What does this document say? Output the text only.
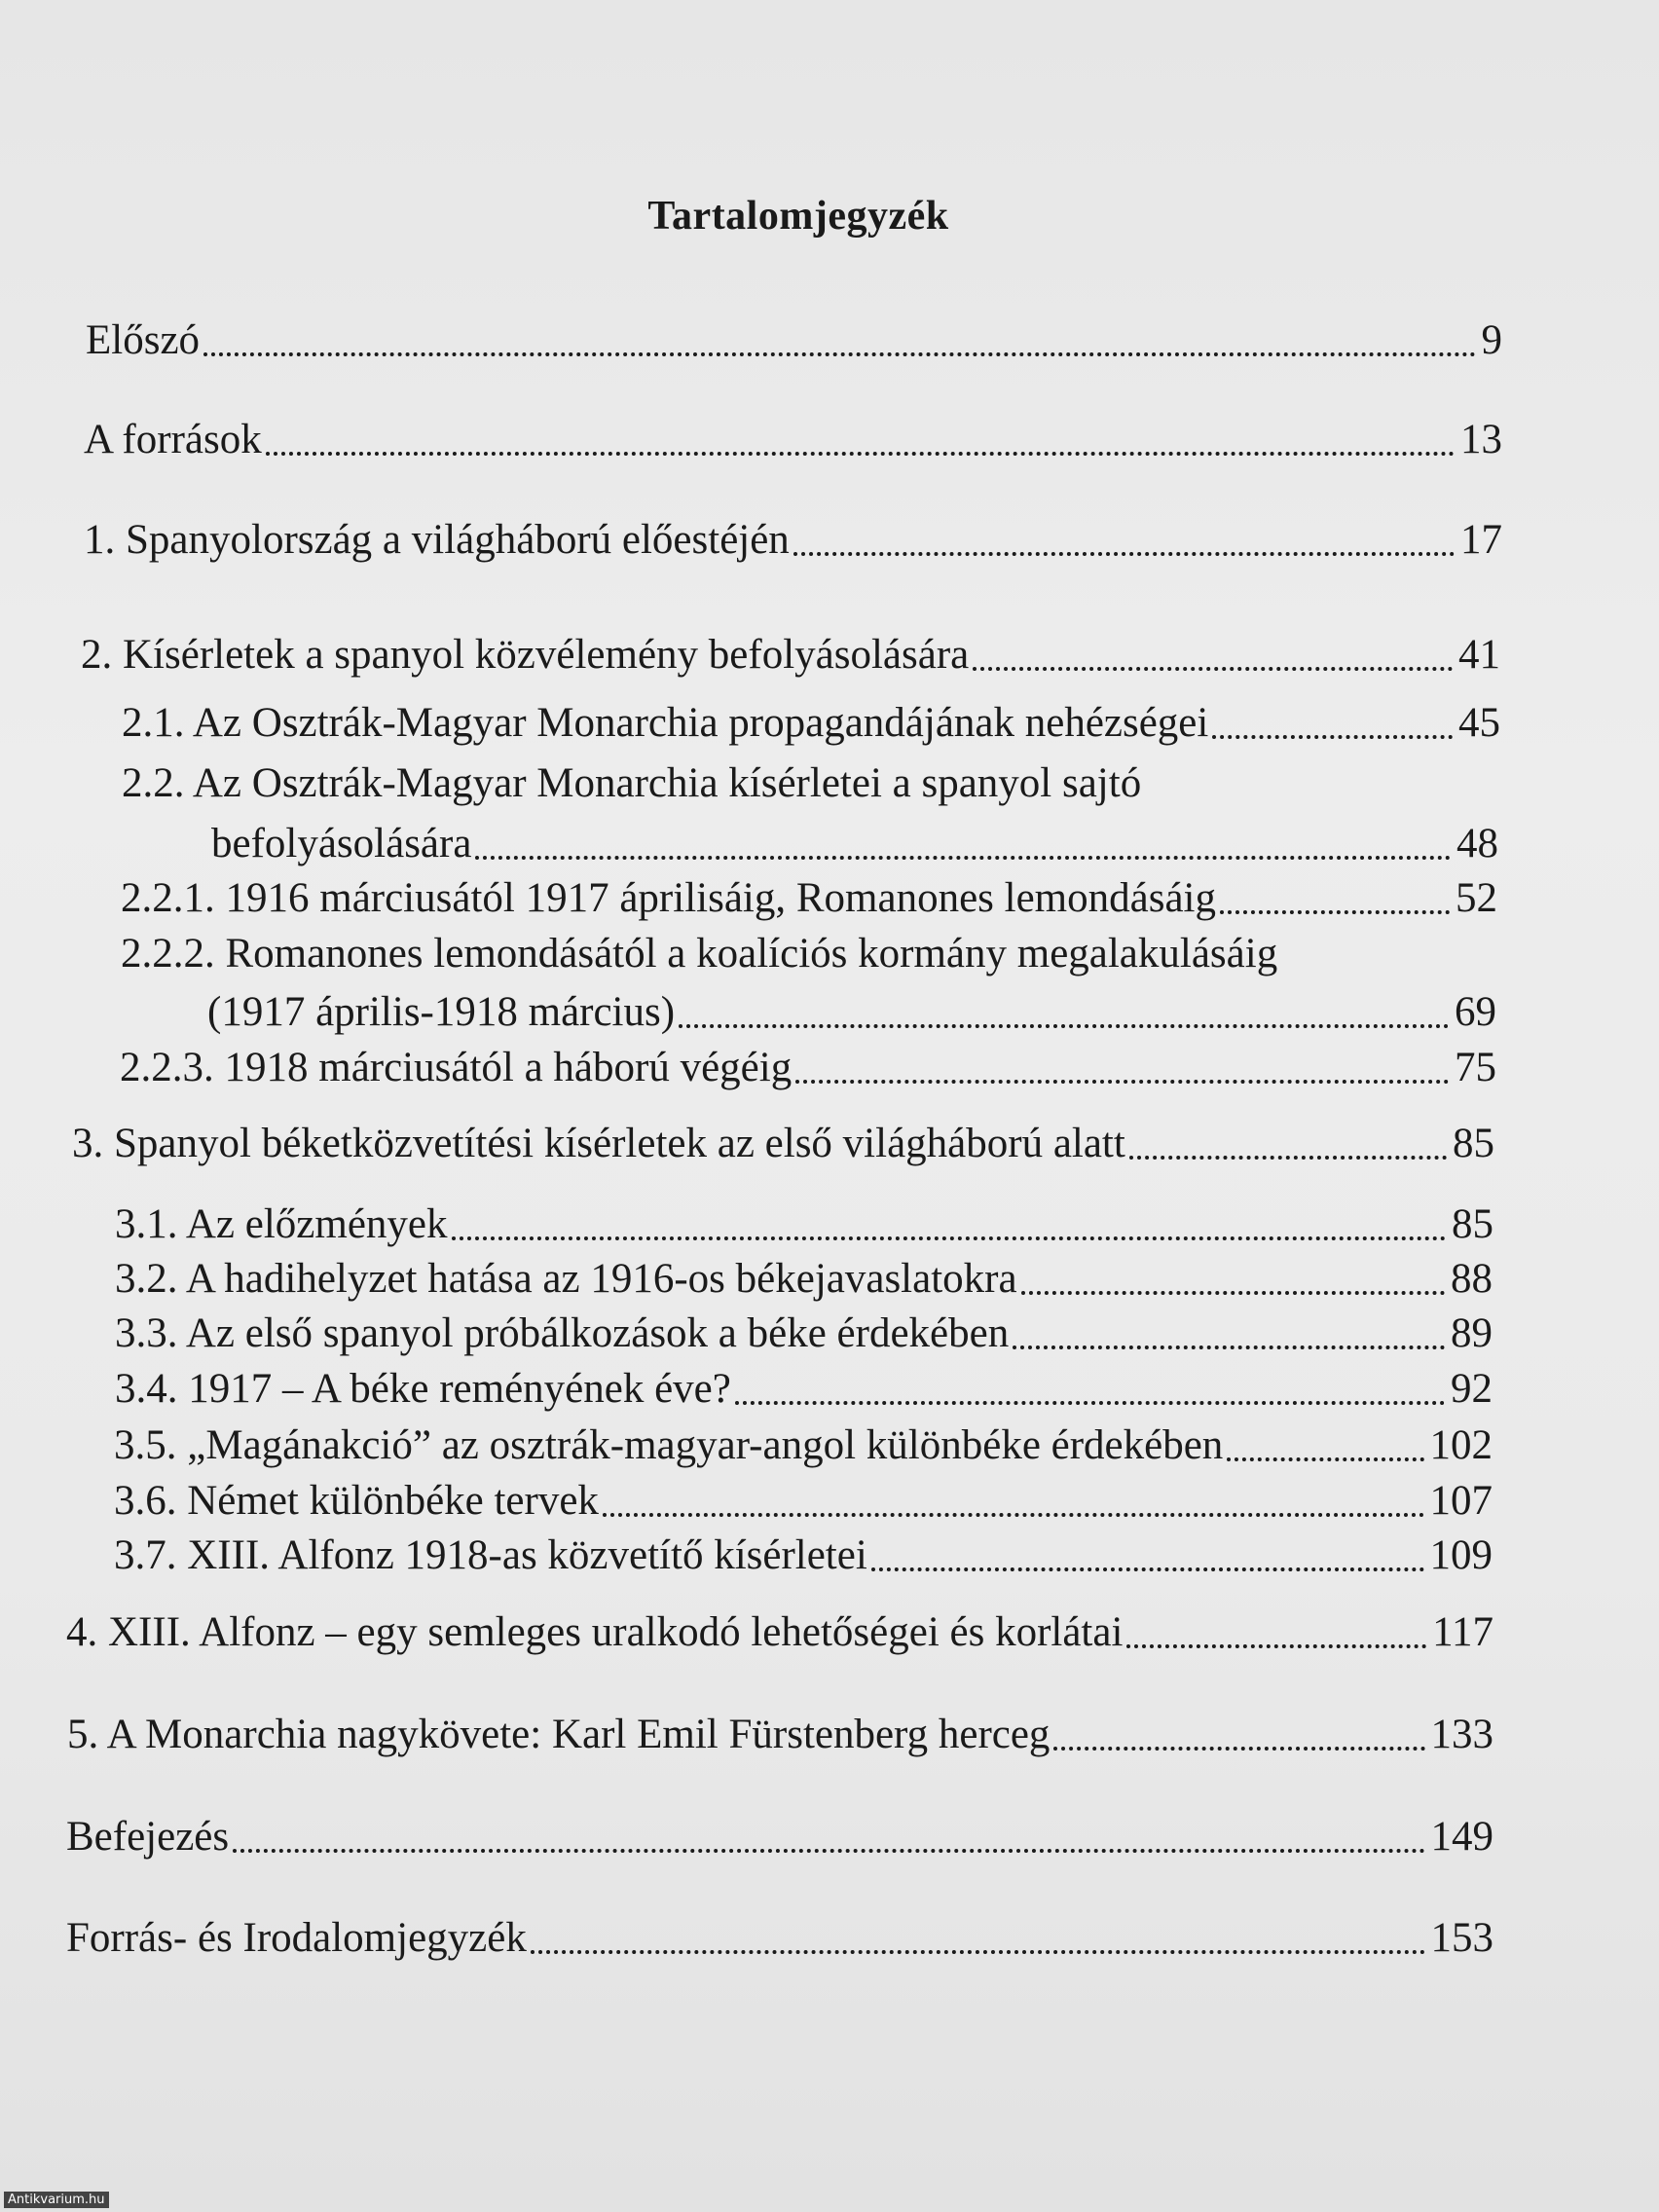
Tartalomjegyzék
Előszó	9
A források	13
1. Spanyolország a világháború előestéjén	17
2. Kísérletek a spanyol közvélemény befolyásolására	41
2.1. Az Osztrák-Magyar Monarchia propagandájának nehézségei	45
2.2. Az Osztrák-Magyar Monarchia kísérletei a spanyol sajtó
befolyásolására	48
2.2.1. 1916 márciusától 1917 áprilisáig, Romanones lemondásáig	52
2.2.2. Romanones lemondásától a koalíciós kormány megalakulásáig
(1917 április-1918 március)	69
2.2.3. 1918 márciusától a háború végéig	75
3. Spanyol béketközvetítési kísérletek az első világháború alatt	85
3.1. Az előzmények	85
3.2. A hadihelyzet hatása az 1916-os békejavaslatokra	88
3.3. Az első spanyol próbálkozások a béke érdekében	89
3.4. 1917 – A béke reményének éve?	92
3.5. „Magánakció” az osztrák-magyar-angol különbéke érdekében	102
3.6. Német különbéke tervek	107
3.7. XIII. Alfonz 1918-as közvetítő kísérletei	109
4. XIII. Alfonz – egy semleges uralkodó lehetőségei és korlátai	117
5. A Monarchia nagykövete: Karl Emil Fürstenberg herceg	133
Befejezés	149
Forrás- és Irodalomjegyzék	153
Antikvarium.hu
